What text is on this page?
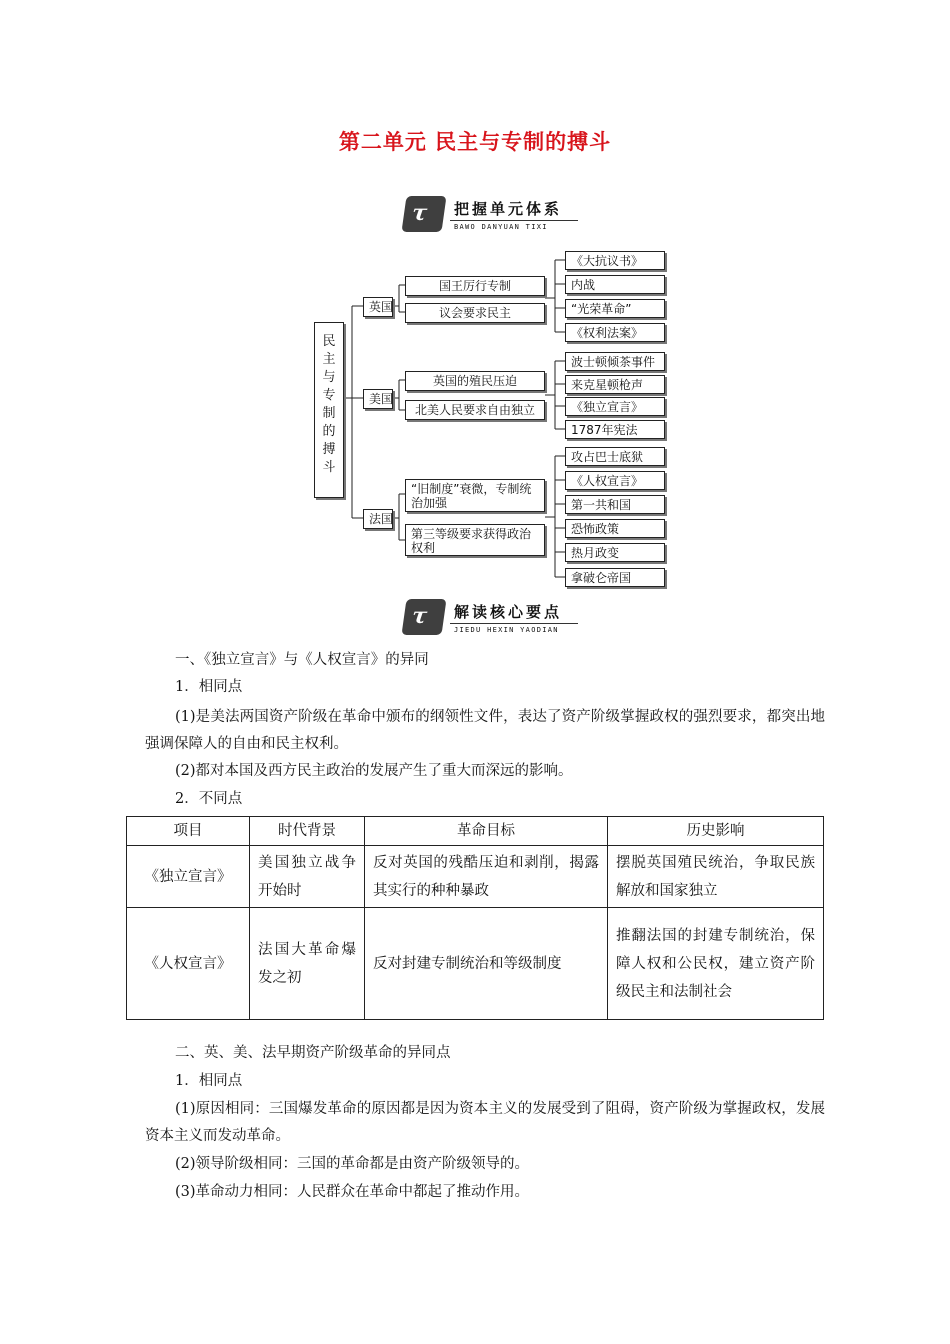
第二单元 民主与专制的搏斗
τ 把握单元体系
BAWO DANYUAN TIXI
民
主
与
专
制
的
搏
斗
英国
美国
法国
国王厉行专制
议会要求民主
英国的殖民压迫
北美人民要求自由独立
“旧制度”衰微，专制统治加强
第三等级要求获得政治权利
《大抗议书》
内战
“光荣革命”
《权利法案》
波士顿倾茶事件
来克星顿枪声
《独立宣言》
1787年宪法
攻占巴士底狱
《人权宣言》
第一共和国
恐怖政策
热月政变
拿破仑帝国
τ 解读核心要点
JIEDU HEXIN YAODIAN
一、《独立宣言》与《人权宣言》的异同
1．相同点
(1)是美法两国资产阶级在革命中颁布的纲领性文件，表达了资产阶级掌握政权的强烈要求，都突出地强调保障人的自由和民主权利。
(2)都对本国及西方民主政治的发展产生了重大而深远的影响。
2．不同点
项目	时代背景	革命目标	历史影响
《独立宣言》	美国独立战争开始时	反对英国的残酷压迫和剥削，揭露其实行的种种暴政	摆脱英国殖民统治，争取民族解放和国家独立
《人权宣言》	法国大革命爆发之初	反对封建专制统治和等级制度	推翻法国的封建专制统治，保障人权和公民权，建立资产阶级民主和法制社会
二、英、美、法早期资产阶级革命的异同点
1．相同点
(1)原因相同：三国爆发革命的原因都是因为资本主义的发展受到了阻碍，资产阶级为掌握政权，发展资本主义而发动革命。
(2)领导阶级相同：三国的革命都是由资产阶级领导的。
(3)革命动力相同：人民群众在革命中都起了推动作用。
